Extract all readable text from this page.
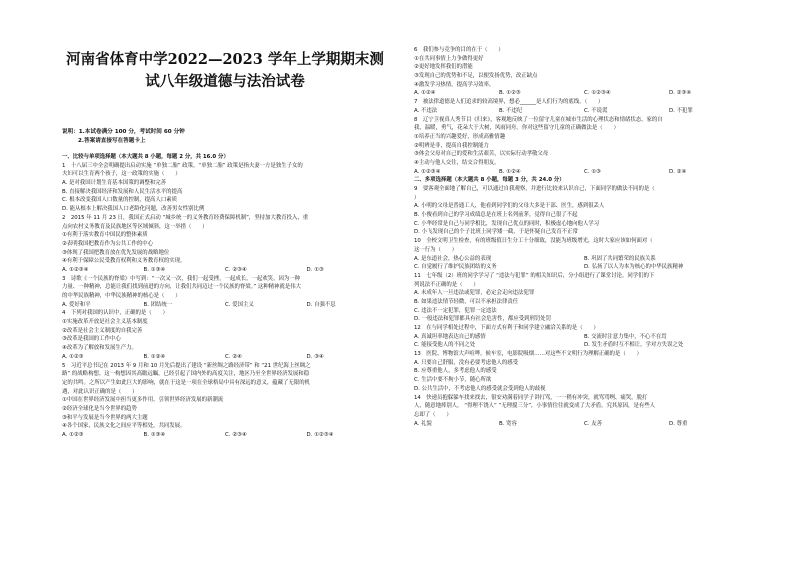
河南省体育中学2022—2023 学年上学期期末测
试八年级道德与法治试卷
说明：1.本试卷满分 100 分，考试时间 60 分钟
2.答案请直接写在答题卡上
一、比较与单项选择题（本大题共 8 小题，每题 2 分，共 16.0 分）
1　十八届三中全会明确提出启动实施 “单独二胎” 政策。“单独二胎” 政策是指夫妻一方是独生子女的
夫妇可以生育两个孩子，这一政策的实施（　　）
A. 是对我国计划生育基本国策的调整和完善
B. 直接解决我国经济和发展和人民生活水平的提高
C. 根本改变我国人口数量的控制，提高人口素质
D. 能从根本上解决我国人口老龄化问题，改善男女性别比例
2　2015 年 11 月 23 日，我国正式启动 “城乡统一的义务教育经费保障机制”，坚持加大教育投入，重
点向农村义务教育及民族地区等区域倾斜，这一举措（　　）
①有利于落实教育中国民的整体素质
②表明我国把教育作为公共工作的中心
③体现了我国把教育放在优先发展的战略地位
④有利于保障公民受教育权利和义务教育权的实现。
A. ①②③④	B. ①③④	C. ②③④	D. ①③
3　诗歌《一个民族的脊梁》中写到：“一次又一次，我们一起受挫，一起成长，一起欢笑。因为一种
力量、一种精神，总能让我们找到前进的方向，让我们共同迈过一个民族的脊梁。” 这种精神就是伟大
的中华民族精神，中华民族精神的核心是（　　）
A. 爱好和平	B. 团结统一	C. 爱国主义	D. 自强不息
4　下列对我国的认识中，正确的是（　　）
①实施改革开放是社会主义基本制度
②改革是社会主义制度的自我完善
③改革是我国的工作中心
④改革为了解放和发展生产力。
A. ①②③	B. ①②④	C. ②④	D. ③④
5　习近平总书记在 2013 年 9 月和 10 月先后提出了建设 “新丝绸之路经济带” 和 “21 世纪海上丝绸之
路” 的战略构想。这一构想因其高瞻远瞩，已经引起了国内外的高度关注，地区乃至全世界经济发展和稳
定的共鸣。之所以产生如此巨大的影响，就在于这是一项在全球格局中具有深远的意义，蕴藏了无限的机
遇，对此认识正确的是（　　）
①中国在世界经济发展中担当更多作用，引领世界经济发展的新潮流
②经济全球化是当今世界的趋势
③和平与发展是当今世界的两大主题
④各个国家，民族文化之间应平等相处，共同发展。
A. ①②③	B. ①③④	C. ②③④	D. ①②③④
6　我们参与竞争的目的在于（　　）
①在共同事情上力争做得更好
②更好地发挥我们的潜能
③发现自己的优势和不足，以便发扬优势，改正缺点
④激发学习热情，提高学习效率。
A. ①②④	B. ①②③	C. ①②③④	D. ②③④
7　被法律道德是人们追求的较高境界，想必______是人们行为的底线。（　　）
A. 不违法	B. 不违纪	C. 不说谎	D. 不犯罪
8　辽宁卫视真人秀节目《归来》，客观地反映了一位留守儿童在城市生活的心理状态和情绪状态，家的自
我，温暖，勇气，花朵大于大树，风雨同舟。你对这些留守儿童的正确做法是（　　）
①培养正当的兴趣爱好，形成高雅情趣
②明辨是非，提高自我控制能力
③体会父母对自己的爱和生活艰苦，以实际行动孝敬父母
④主动与他人交往，结交合得朋友。
A. ①②③④	B. ①②④	C. ①③	D. ②④
二、多项选择题（本大题共 8 小题，每题 3 分，共 24.0 分）
9　要客观全面地了解自己，可以通过自我观察，并进行比较来认识自己，下面同学的做法不同的是（
）
A. 小明的父母是普通工人，他看到同学们的父母大多是干部、医生，感到很丢人
B. 小俊看到自己的学习成绩总是在班上名列前茅，觉得自己很了不起
C. 小华经常是自己与同学相比，发现自己优点的同时，积极虚心地向他人学习
D. 小飞发现自己的个子比班上同学矮一截，于是怀疑自己发育不正常
10　全校文明卫生检查，有的班级值日生分工十分细致，没能为班级增光，这时大家应该如何面对（
这一行为（　　）
A. 是东道社会，热心公益的表现	B. 巩固了共同繁荣的民族关系
C. 自觉履行了维护民族团结的义务	D. 弘扬了以人为本为核心的中华民族精神
11　七年级（2）班的同学学习了 “违法与犯罪” 的相关知识后，分小组进行了课堂讨论。同学们的下
列说法不正确的是（　　）
A. 未成年人一旦违法或犯罪，必定会走向违法犯罪
B. 如果违法情节轻微，可以不承担法律责任
C. 违法不一定犯罪，犯罪一定违法
D. 一般违法和犯罪都具有社会危害性，都应受到刑罚处罚
12　在与同学相处过程中，下面方式有利于和同学建立融洽关系的是（　　）
A. 真诚坦率地表达自己的感情	B. 交流时注意力集中，不心不在焉
C. 能接受他人的不同之处	D. 发生矛盾时互不相让，学对方失误之处
13　医院、博物馆大声喧哗，候车室，电影院吸烟……对这些不文明行为理解正确的是（　　）
A. 只要自己舒服，没有必要考虑他人的感受
B. 应尊重他人，多考虑他人的感受
C. 生活中要不拘小节，随心所欲
D. 公共生活中，不考虑他人的感受就会受到他人的歧视
14　快递员抱躲躲车找来找去，很安劝满着同学子讲打骂，一一稍有冲突，就骂骂咧、痛哭，脱打
人，随意地摔别人。 “得理不饶人” “无理搅三分”，小事情往往就变成了大矛盾。究其原因，是有些人
忘却了（　　）
A. 礼貌	B. 宽容	C. 友善	D. 尊重
